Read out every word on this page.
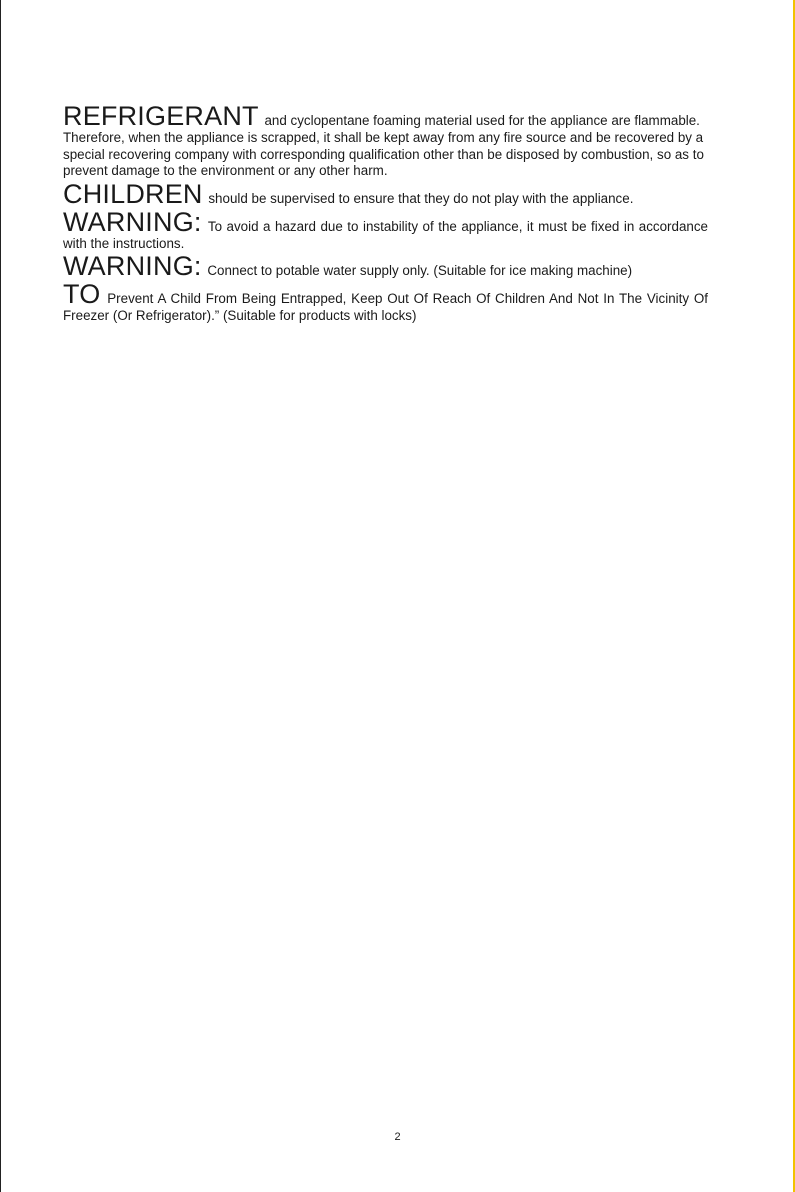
REFRIGERANT and cyclopentane foaming material used for the appliance are flammable. Therefore, when the appliance is scrapped, it shall be kept away from any fire source and be recovered by a special recovering company with corresponding qualification other than be disposed by combustion, so as to prevent damage to the environment or any other harm.

CHILDREN should be supervised to ensure that they do not play with the appliance.

WARNING: To avoid a hazard due to instability of the appliance, it must be fixed in accordance with the instructions.

WARNING: Connect to potable water supply only. (Suitable for ice making machine)

TO Prevent A Child From Being Entrapped, Keep Out Of Reach Of Children And Not In The Vicinity Of Freezer (Or Refrigerator).” (Suitable for products with locks)

2
